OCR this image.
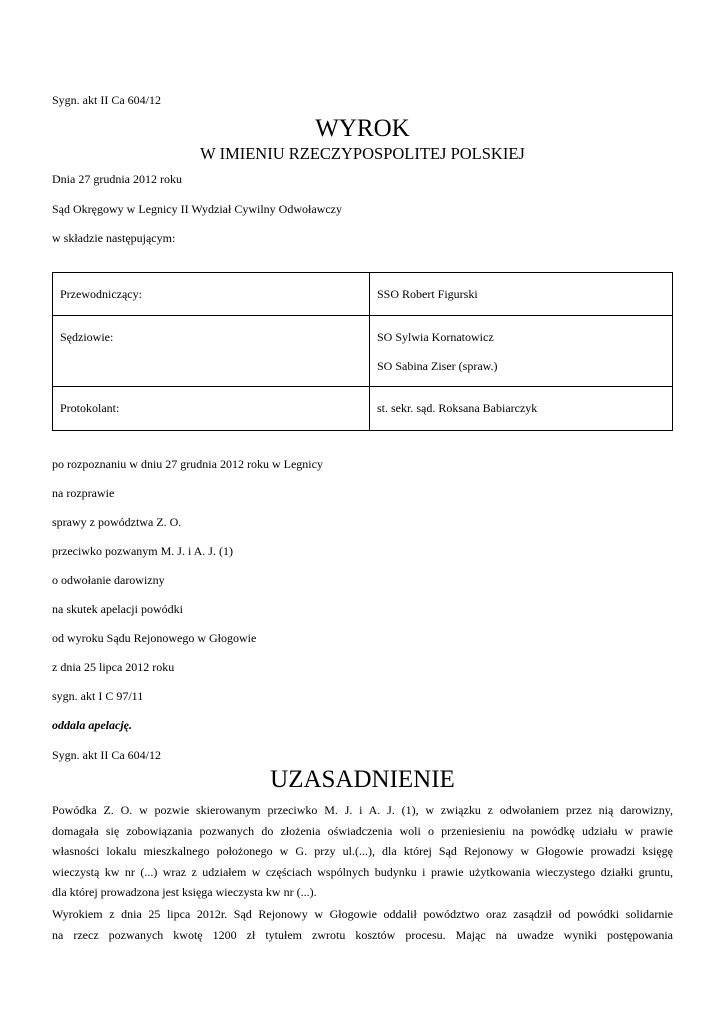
Sygn. akt II Ca 604/12
WYROK
W IMIENIU RZECZYPOSPOLITEJ POLSKIEJ
Dnia 27 grudnia 2012 roku
Sąd Okręgowy w Legnicy II Wydział Cywilny Odwoławczy
w składzie następującym:
Przewodniczący:	SSO Robert Figurski
Sędziowie:	SO Sylwia Kornatowicz
SO Sabina Ziser (spraw.)

Protokolant:	st. sekr. sąd. Roksana Babiarczyk
po rozpoznaniu w dniu 27 grudnia 2012 roku w Legnicy
na rozprawie
sprawy z powództwa Z. O.
przeciwko pozwanym M. J. i A. J. (1)
o odwołanie darowizny
na skutek apelacji powódki
od wyroku Sądu Rejonowego w Głogowie
z dnia 25 lipca 2012 roku
sygn. akt I C 97/11
oddala apelację.
Sygn. akt II Ca 604/12
UZASADNIENIE
Powódka Z. O. w pozwie skierowanym przeciwko M. J. i A. J. (1), w związku z odwołaniem przez nią darowizny,
domagała się zobowiązania pozwanych do złożenia oświadczenia woli o przeniesieniu na powódkę udziału w prawie
własności lokalu mieszkalnego położonego w G. przy ul.(...), dla której Sąd Rejonowy w Głogowie prowadzi księgę
wieczystą kw nr (...) wraz z udziałem w częściach wspólnych budynku i prawie użytkowania wieczystego działki gruntu,
dla której prowadzona jest księga wieczysta kw nr (...).
Wyrokiem z dnia 25 lipca 2012r. Sąd Rejonowy w Głogowie oddalił powództwo oraz zasądził od powódki solidarnie
na rzecz pozwanych kwotę 1200 zł tytułem zwrotu kosztów procesu. Mając na uwadze wyniki postępowania
